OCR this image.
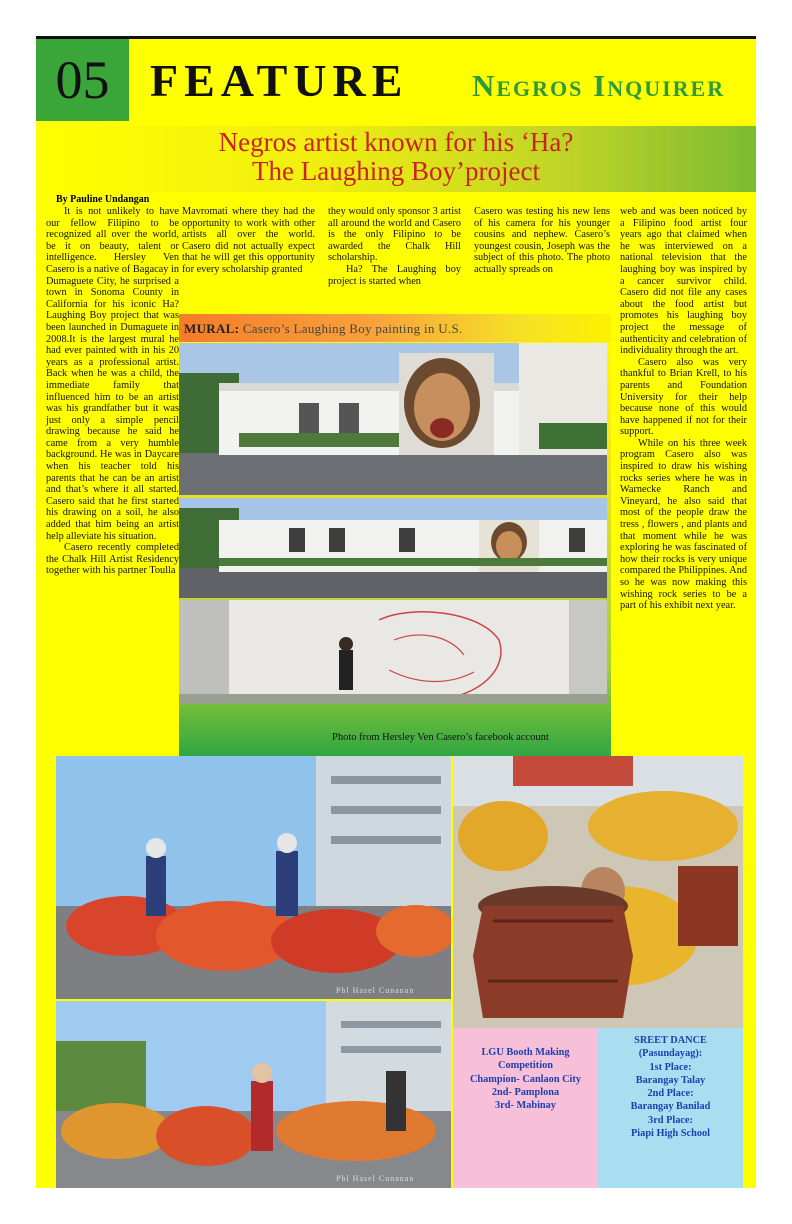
05 FEATURE Negros Inquirer
Negros artist known for his ‘Ha?
The Laughing Boy’project
By Pauline Undangan

It is not unlikely to have our fellow Filipino to be recognized all over the world, be it on beauty, talent or intelligence. Hersley Ven Casero is a native of Bagacay in Dumaguete City, he surprised a town in Sonoma County in California for his iconic Ha? Laughing Boy project that was been launched in Dumaguete in 2008.It is the largest mural he had ever painted with in his 20 years as a professional artist. Back when he was a child, the immediate family that influenced him to be an artist was his grandfather but it was just only a simple pencil drawing because he said he came from a very humble background. He was in Daycare when his teacher told his parents that he can be an artist and that’s where it all started. Casero said that he first started his drawing on a soil, he also added that him being an artist help alleviate his situation.

Casero recently completed the Chalk Hill Artist Residency together with his partner Toulla

Mavromati where they had the opportunity to work with other artists all over the world. Casero did not actually expect that he will get this opportunity for every scholarship granted

they would only sponsor 3 artist all around the world and Casero is the only Filipino to be awarded the Chalk Hill scholarship.

Ha? The Laughing boy project is started when

Casero was testing his new lens of his camera for his younger cousins and nephew. Casero’s youngest cousin, Joseph was the subject of this photo. The photo actually spreads on

web and was been noticed by a Filipino food artist four years ago that claimed when he was interviewed on a national television that the laughing boy was inspired by a cancer survivor child. Casero did not file any cases about the food artist but promotes his laughing boy project the message of authenticity and celebration of individuality through the art.

Casero also was very thankful to Brian Krell, to his parents and Foundation University for their help because none of this would have happened if not for their support.

While on his three week program Casero also was inspired to draw his wishing rocks series where he was in Warnecke Ranch and Vineyard, he also said that most of the people draw the tress , flowers , and plants and that moment while he was exploring he was fascinated of how their rocks is very unique compared the Philippines. And so he was now making this wishing rock series to be a part of his exhibit next year.

MURAL: Casero’s Laughing Boy painting in U.S.
Photo from Hersley Ven Casero’s facebook account
Pbl Hasel Cunanan
Pbl Hasel Cunanan
LGU Booth Making
Competition
Champion- Canlaon City
2nd- Pamplona
3rd- Mabinay
SREET DANCE
(Pasundayag):
1st Place:
Barangay Talay
2nd Place:
Barangay Banilad
3rd Place:
Piapi High School
